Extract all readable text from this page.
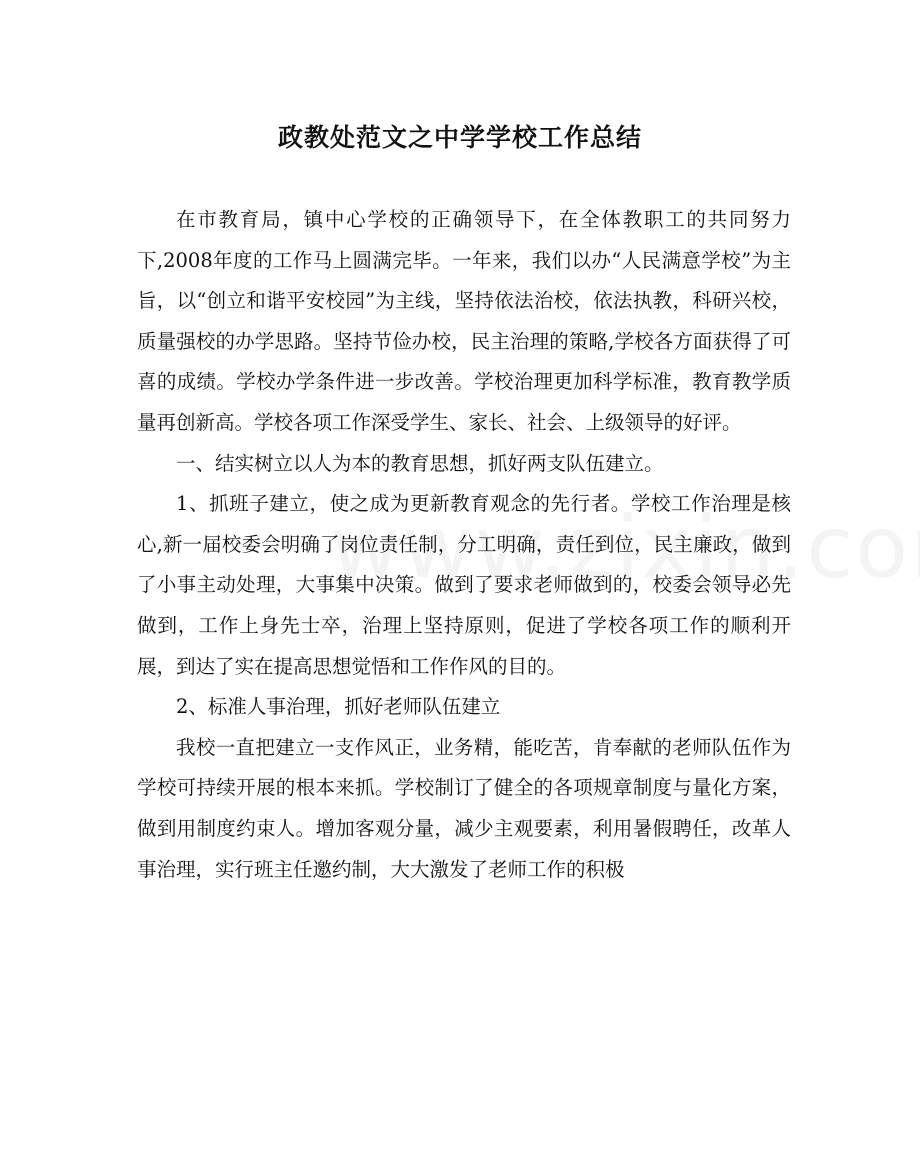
政教处范文之中学学校工作总结

在市教育局，镇中心学校的正确领导下，在全体教职工的共同努力下,2008年度的工作马上圆满完毕。一年来，我们以办“人民满意学校”为主旨，以“创立和谐平安校园”为主线，坚持依法治校，依法执教，科研兴校，质量强校的办学思路。坚持节俭办校，民主治理的策略,学校各方面获得了可喜的成绩。学校办学条件进一步改善。学校治理更加科学标准，教育教学质量再创新高。学校各项工作深受学生、家长、社会、上级领导的好评。

一、结实树立以人为本的教育思想，抓好两支队伍建立。

1、抓班子建立，使之成为更新教育观念的先行者。学校工作治理是核心,新一届校委会明确了岗位责任制，分工明确，责任到位，民主廉政，做到了小事主动处理，大事集中决策。做到了要求老师做到的，校委会领导必先做到，工作上身先士卒，治理上坚持原则，促进了学校各项工作的顺利开展，到达了实在提高思想觉悟和工作作风的目的。

2、标准人事治理，抓好老师队伍建立

我校一直把建立一支作风正，业务精，能吃苦，肯奉献的老师队伍作为学校可持续开展的根本来抓。学校制订了健全的各项规章制度与量化方案，做到用制度约束人。增加客观分量，减少主观要素，利用暑假聘任，改革人事治理，实行班主任邀约制，大大激发了老师工作的积极
